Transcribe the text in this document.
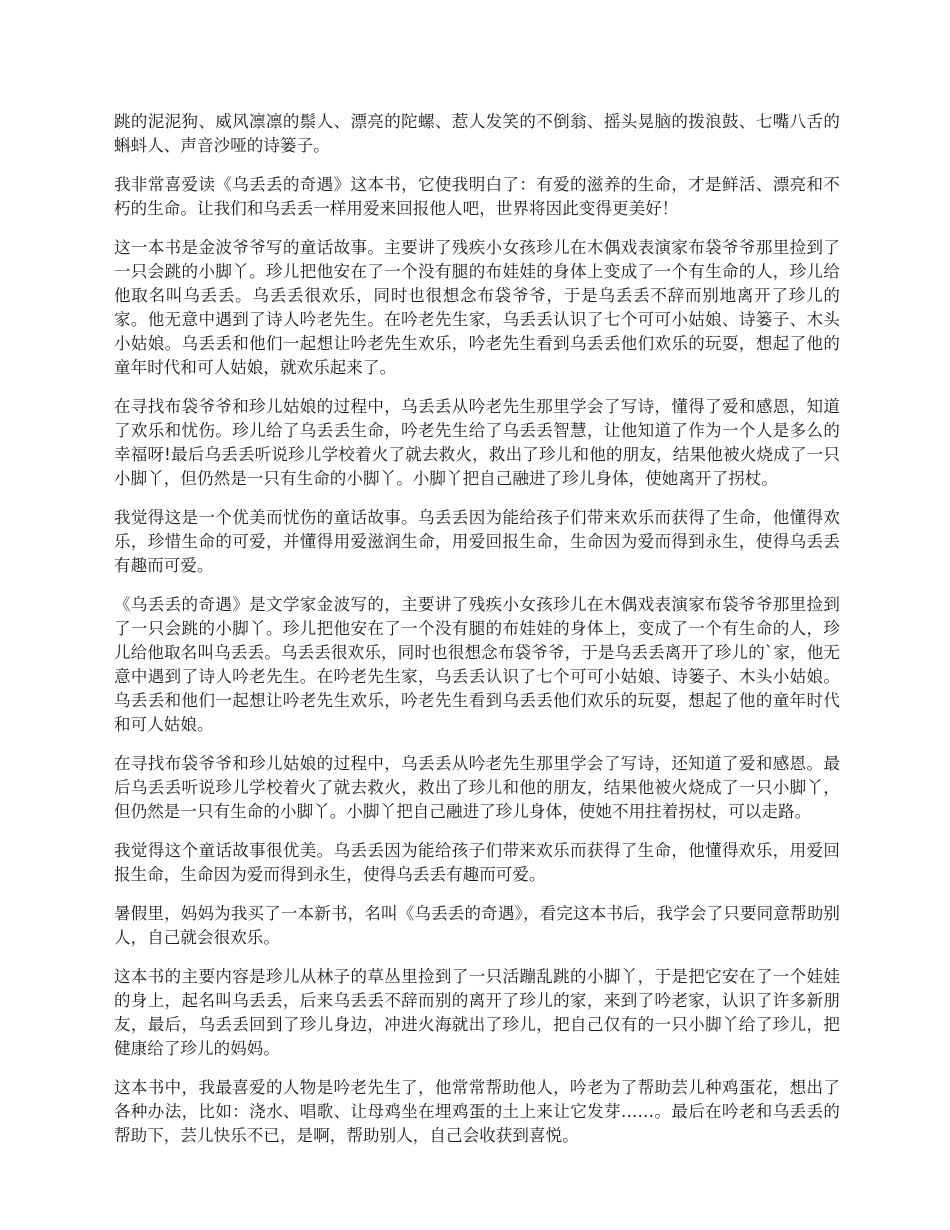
跳的泥泥狗、威风凛凛的鬃人、漂亮的陀螺、惹人发笑的不倒翁、摇头晃脑的拨浪鼓、七嘴八舌的蝌蚪人、声音沙哑的诗篓子。

我非常喜爱读《乌丢丢的奇遇》这本书，它使我明白了：有爱的滋养的生命，才是鲜活、漂亮和不朽的生命。让我们和乌丢丢一样用爱来回报他人吧，世界将因此变得更美好！

这一本书是金波爷爷写的童话故事。主要讲了残疾小女孩珍儿在木偶戏表演家布袋爷爷那里捡到了一只会跳的小脚丫。珍儿把他安在了一个没有腿的布娃娃的身体上变成了一个有生命的人，珍儿给他取名叫乌丢丢。乌丢丢很欢乐，同时也很想念布袋爷爷，于是乌丢丢不辞而别地离开了珍儿的家。他无意中遇到了诗人吟老先生。在吟老先生家，乌丢丢认识了七个可可小姑娘、诗篓子、木头小姑娘。乌丢丢和他们一起想让吟老先生欢乐，吟老先生看到乌丢丢他们欢乐的玩耍，想起了他的童年时代和可人姑娘，就欢乐起来了。

在寻找布袋爷爷和珍儿姑娘的过程中，乌丢丢从吟老先生那里学会了写诗，懂得了爱和感恩，知道了欢乐和忧伤。珍儿给了乌丢丢生命，吟老先生给了乌丢丢智慧，让他知道了作为一个人是多么的幸福呀!最后乌丢丢听说珍儿学校着火了就去救火，救出了珍儿和他的朋友，结果他被火烧成了一只小脚丫，但仍然是一只有生命的小脚丫。小脚丫把自己融进了珍儿身体，使她离开了拐杖。

我觉得这是一个优美而忧伤的童话故事。乌丢丢因为能给孩子们带来欢乐而获得了生命，他懂得欢乐，珍惜生命的可爱，并懂得用爱滋润生命，用爱回报生命，生命因为爱而得到永生，使得乌丢丢有趣而可爱。

《乌丢丢的奇遇》是文学家金波写的，主要讲了残疾小女孩珍儿在木偶戏表演家布袋爷爷那里捡到了一只会跳的小脚丫。珍儿把他安在了一个没有腿的布娃娃的身体上，变成了一个有生命的人，珍儿给他取名叫乌丢丢。乌丢丢很欢乐，同时也很想念布袋爷爷，于是乌丢丢离开了珍儿的`家，他无意中遇到了诗人吟老先生。在吟老先生家，乌丢丢认识了七个可可小姑娘、诗篓子、木头小姑娘。乌丢丢和他们一起想让吟老先生欢乐，吟老先生看到乌丢丢他们欢乐的玩耍，想起了他的童年时代和可人姑娘。

在寻找布袋爷爷和珍儿姑娘的过程中，乌丢丢从吟老先生那里学会了写诗，还知道了爱和感恩。最后乌丢丢听说珍儿学校着火了就去救火，救出了珍儿和他的朋友，结果他被火烧成了一只小脚丫，但仍然是一只有生命的小脚丫。小脚丫把自己融进了珍儿身体，使她不用拄着拐杖，可以走路。

我觉得这个童话故事很优美。乌丢丢因为能给孩子们带来欢乐而获得了生命，他懂得欢乐，用爱回报生命，生命因为爱而得到永生，使得乌丢丢有趣而可爱。

暑假里，妈妈为我买了一本新书，名叫《乌丢丢的奇遇》，看完这本书后，我学会了只要同意帮助别人，自己就会很欢乐。

这本书的主要内容是珍儿从林子的草丛里捡到了一只活蹦乱跳的小脚丫，于是把它安在了一个娃娃的身上，起名叫乌丢丢，后来乌丢丢不辞而别的离开了珍儿的家，来到了吟老家，认识了许多新朋友，最后，乌丢丢回到了珍儿身边，冲进火海就出了珍儿，把自己仅有的一只小脚丫给了珍儿，把健康给了珍儿的妈妈。

这本书中，我最喜爱的人物是吟老先生了，他常常帮助他人，吟老为了帮助芸儿种鸡蛋花，想出了各种办法，比如：浇水、唱歌、让母鸡坐在埋鸡蛋的土上来让它发芽……。最后在吟老和乌丢丢的帮助下，芸儿快乐不已，是啊，帮助别人，自己会收获到喜悦。
